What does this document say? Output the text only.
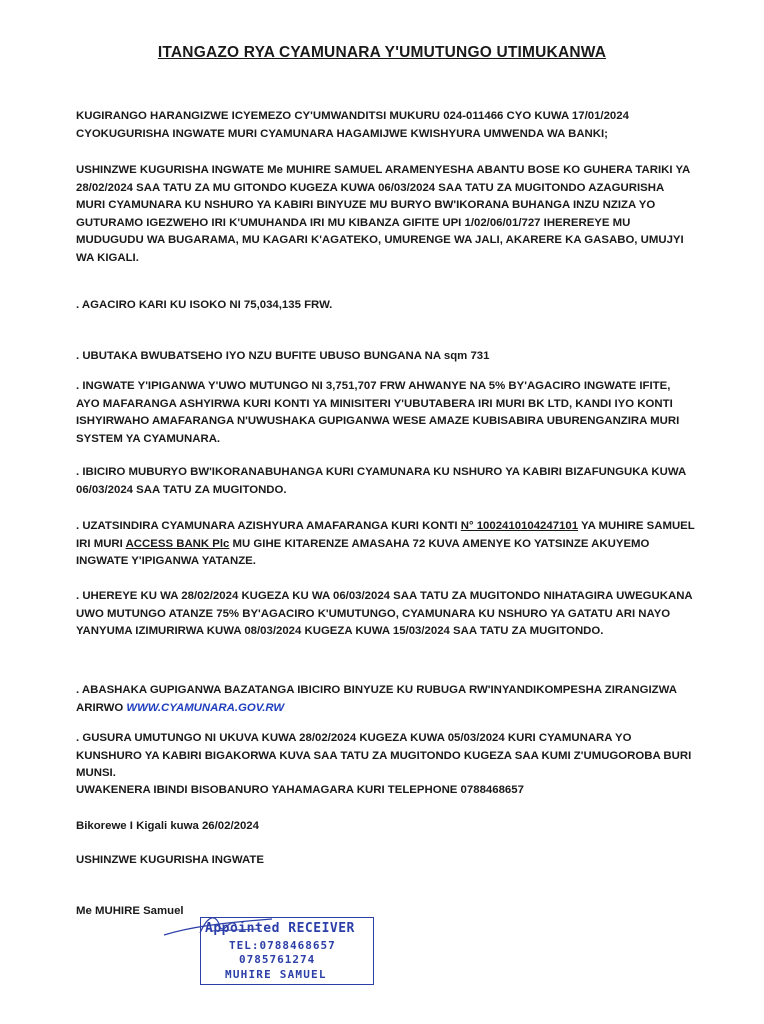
ITANGAZO RYA CYAMUNARA Y'UMUTUNGO UTIMUKANWA
KUGIRANGO HARANGIZWE ICYEMEZO CY'UMWANDITSI MUKURU 024-011466 CYO KUWA 17/01/2024 CYOKUGURISHA INGWATE MURI CYAMUNARA HAGAMIJWE KWISHYURA UMWENDA WA BANKI;
USHINZWE KUGURISHA INGWATE Me MUHIRE SAMUEL ARAMENYESHA ABANTU BOSE KO GUHERA TARIKI YA 28/02/2024 SAA TATU ZA MU GITONDO KUGEZA KUWA 06/03/2024 SAA TATU ZA MUGITONDO AZAGURISHA MURI CYAMUNARA KU NSHURO YA KABIRI BINYUZE MU BURYO BW'IKORANA BUHANGA INZU NZIZA YO GUTURAMO IGEZWEHO IRI K'UMUHANDA IRI MU KIBANZA GIFITE UPI 1/02/06/01/727 IHEREREYE MU MUDUGUDU WA BUGARAMA, MU KAGARI K'AGATEKO, UMURENGE WA JALI, AKARERE KA GASABO, UMUJYI WA KIGALI.
. AGACIRO KARI KU ISOKO NI 75,034,135 FRW.
. UBUTAKA BWUBATSEHO IYO NZU BUFITE UBUSO BUNGANA NA sqm 731
. INGWATE Y'IPIGANWA Y'UWO MUTUNGO NI 3,751,707 FRW AHWANYE NA 5% BY'AGACIRO INGWATE IFITE, AYO MAFARANGA ASHYIRWA KURI KONTI YA MINISITERI Y'UBUTABERA IRI MURI BK LTD, KANDI IYO KONTI ISHYIRWAHO AMAFARANGA N'UWUSHAKA GUPIGANWA WESE AMAZE KUBISABIRA UBURENGANZIRA MURI SYSTEM YA CYAMUNARA.
. IBICIRO MUBURYO BW'IKORANABUHANGA KURI CYAMUNARA KU NSHURO YA KABIRI BIZAFUNGUKA KUWA 06/03/2024 SAA TATU ZA MUGITONDO.
. UZATSINDIRA CYAMUNARA AZISHYURA AMAFARANGA KURI KONTI N° 1002410104247101 YA MUHIRE SAMUEL IRI MURI ACCESS BANK Plc MU GIHE KITARENZE AMASAHA 72 KUVA AMENYE KO YATSINZE AKUYEMO INGWATE Y'IPIGANWA YATANZE.
. UHEREYE KU WA 28/02/2024 KUGEZA KU WA 06/03/2024 SAA TATU ZA MUGITONDO NIHATAGIRA UWEGUKANA UWO MUTUNGO ATANZE 75% BY'AGACIRO K'UMUTUNGO, CYAMUNARA KU NSHURO YA GATATU ARI NAYO YANYUMA IZIMURIRWA KUWA 08/03/2024 KUGEZA KUWA 15/03/2024 SAA TATU ZA MUGITONDO.
. ABASHAKA GUPIGANWA BAZATANGA IBICIRO BINYUZE KU RUBUGA RW'INYANDIKOMPESHA ZIRANGIZWA ARIRWO WWW.CYAMUNARA.GOV.RW
. GUSURA UMUTUNGO NI UKUVA KUWA 28/02/2024 KUGEZA KUWA 05/03/2024 KURI CYAMUNARA YO KUNSHURO YA KABIRI BIGAKORWA KUVA SAA TATU ZA MUGITONDO KUGEZA SAA KUMI Z'UMUGOROBA BURI MUNSI.
UWAKENERA IBINDI BISOBANURO YAHAMAGARA KURI TELEPHONE 0788468657
Bikorewe I Kigali kuwa 26/02/2024
USHINZWE KUGURISHA INGWATE
Me MUHIRE Samuel
Appointed RECEIVER
TEL:0788468657
0785761274
MUHIRE SAMUEL
